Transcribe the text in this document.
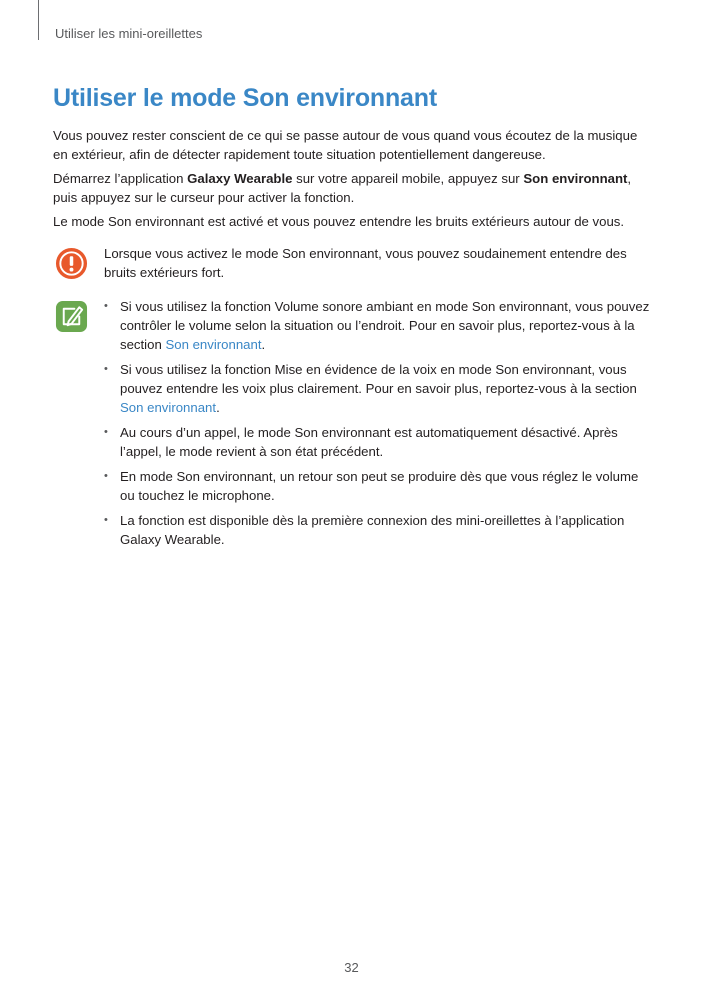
Utiliser les mini-oreillettes
Utiliser le mode Son environnant

Vous pouvez rester conscient de ce qui se passe autour de vous quand vous écoutez de la musique en extérieur, afin de détecter rapidement toute situation potentiellement dangereuse.

Démarrez l’application Galaxy Wearable sur votre appareil mobile, appuyez sur Son environnant, puis appuyez sur le curseur pour activer la fonction.

Le mode Son environnant est activé et vous pouvez entendre les bruits extérieurs autour de vous.

Lorsque vous activez le mode Son environnant, vous pouvez soudainement entendre des bruits extérieurs fort.

• Si vous utilisez la fonction Volume sonore ambiant en mode Son environnant, vous pouvez contrôler le volume selon la situation ou l’endroit. Pour en savoir plus, reportez-vous à la section Son environnant.
• Si vous utilisez la fonction Mise en évidence de la voix en mode Son environnant, vous pouvez entendre les voix plus clairement. Pour en savoir plus, reportez-vous à la section Son environnant.
• Au cours d’un appel, le mode Son environnant est automatiquement désactivé. Après l’appel, le mode revient à son état précédent.
• En mode Son environnant, un retour son peut se produire dès que vous réglez le volume ou touchez le microphone.
• La fonction est disponible dès la première connexion des mini-oreillettes à l’application Galaxy Wearable.
32
